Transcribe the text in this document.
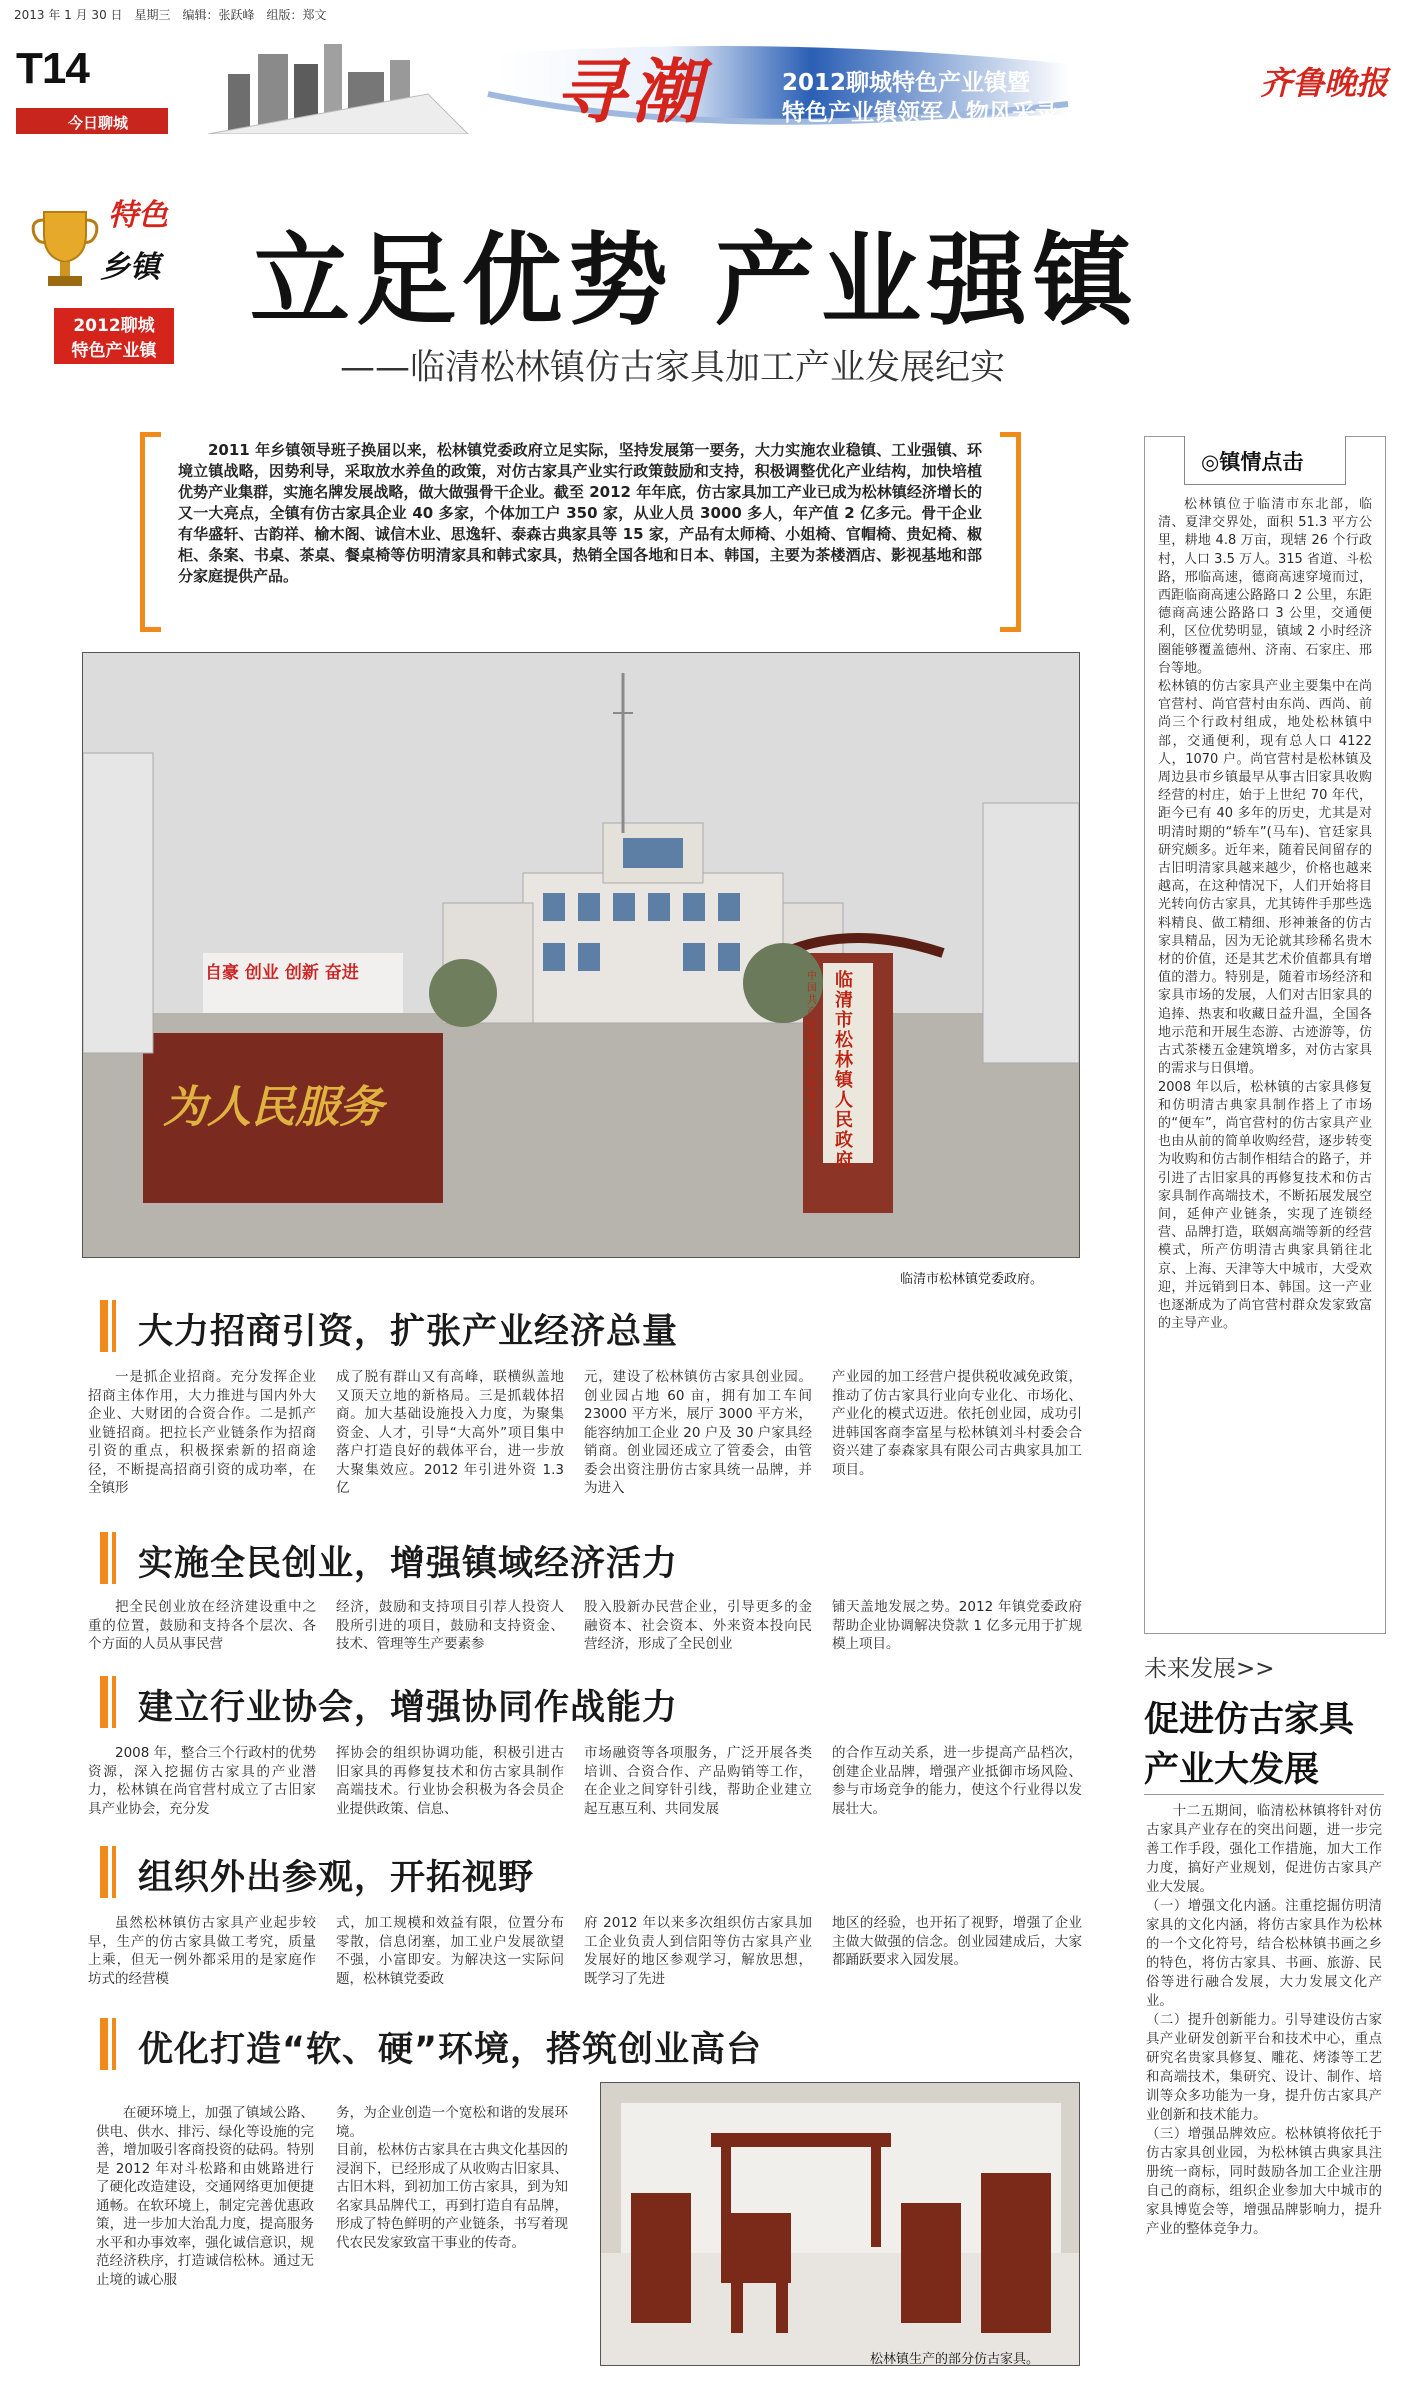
2013 年 1 月 30 日　星期三　编辑：张跃峰　组版：郑文
T14
今日聊城	寻潮	2012聊城特色产业镇暨
特色产业镇领军人物风采录
齐鲁晚报
特色
乡镇
2012聊城
特色产业镇
立足优势 产业强镇
——临清松林镇仿古家具加工产业发展纪实
2011 年乡镇领导班子换届以来，松林镇党委政府立足实际，坚持发展第一要务，大力实施农业稳镇、工业强镇、环境立镇战略，因势利导，采取放水养鱼的政策，对仿古家具产业实行政策鼓励和支持，积极调整优化产业结构，加快培植优势产业集群，实施名牌发展战略，做大做强骨干企业。截至 2012 年年底，仿古家具加工产业已成为松林镇经济增长的又一大亮点，全镇有仿古家具企业 40 多家，个体加工户 350 家，从业人员 3000 多人，年产值 2 亿多元。骨干企业有华盛轩、古韵祥、榆木阁、诚信木业、思逸轩、泰森古典家具等 15 家，产品有太师椅、小姐椅、官帽椅、贵妃椅、椒柜、条案、书桌、茶桌、餐桌椅等仿明清家具和韩式家具，热销全国各地和日本、韩国，主要为茶楼酒店、影视基地和部分家庭提供产品。
自豪 创业 创新 奋进
为人民服务
临清市松林镇人民政府
中国共产党临清市松林镇委员会
临清市松林镇党委政府。
大力招商引资，扩张产业经济总量

一是抓企业招商。充分发挥企业招商主体作用，大力推进与国内外大企业、大财团的合资合作。二是抓产业链招商。把拉长产业链条作为招商引资的重点，积极探索新的招商途径，不断提高招商引资的成功率，在全镇形

成了脱有群山又有高峰，联横纵盖地又顶天立地的新格局。三是抓载体招商。加大基础设施投入力度，为聚集资金、人才，引导“大高外”项目集中落户打造良好的载体平台，进一步放大聚集效应。2012 年引进外资 1.3 亿

元，建设了松林镇仿古家具创业园。创业园占地 60 亩，拥有加工车间 23000 平方米，展厅 3000 平方米，能容纳加工企业 20 户及 30 户家具经销商。创业园还成立了管委会，由管委会出资注册仿古家具统一品牌，并为进入

产业园的加工经营户提供税收减免政策，推动了仿古家具行业向专业化、市场化、产业化的模式迈进。依托创业园，成功引进韩国客商李富星与松林镇刘斗村委会合资兴建了泰森家具有限公司古典家具加工项目。

实施全民创业，增强镇域经济活力

把全民创业放在经济建设重中之重的位置，鼓励和支持各个层次、各个方面的人员从事民营

经济，鼓励和支持项目引荐人投资人股所引进的项目，鼓励和支持资金、技术、管理等生产要素参

股入股新办民营企业，引导更多的金融资本、社会资本、外来资本投向民营经济，形成了全民创业

铺天盖地发展之势。2012 年镇党委政府帮助企业协调解决贷款 1 亿多元用于扩规模上项目。

建立行业协会，增强协同作战能力

2008 年，整合三个行政村的优势资源，深入挖掘仿古家具的产业潜力，松林镇在尚官营村成立了古旧家具产业协会，充分发

挥协会的组织协调功能，积极引进古旧家具的再修复技术和仿古家具制作高端技术。行业协会积极为各会员企业提供政策、信息、

市场融资等各项服务，广泛开展各类培训、合资合作、产品购销等工作，在企业之间穿针引线，帮助企业建立起互惠互利、共同发展

的合作互动关系，进一步提高产品档次，创建企业品牌，增强产业抵御市场风险、参与市场竞争的能力，使这个行业得以发展壮大。

组织外出参观，开拓视野

虽然松林镇仿古家具产业起步较早，生产的仿古家具做工考究，质量上乘，但无一例外都采用的是家庭作坊式的经营模

式，加工规模和效益有限，位置分布零散，信息闭塞，加工业户发展欲望不强，小富即安。为解决这一实际问题，松林镇党委政

府 2012 年以来多次组织仿古家具加工企业负责人到信阳等仿古家具产业发展好的地区参观学习，解放思想，既学习了先进

地区的经验，也开拓了视野，增强了企业主做大做强的信念。创业园建成后，大家都踊跃要求入园发展。

优化打造“软、硬”环境，搭筑创业高台

在硬环境上，加强了镇域公路、供电、供水、排污、绿化等设施的完善，增加吸引客商投资的砝码。特别是 2012 年对斗松路和由姚路进行了硬化改造建设，交通网络更加便捷通畅。在软环境上，制定完善优惠政策，进一步加大治乱力度，提高服务水平和办事效率，强化诚信意识，规范经济秩序，打造诚信松林。通过无止境的诚心服

务，为企业创造一个宽松和谐的发展环境。
目前，松林仿古家具在古典文化基因的浸润下，已经形成了从收购古旧家具、古旧木料，到初加工仿古家具，到为知名家具品牌代工，再到打造自有品牌，形成了特色鲜明的产业链条，书写着现代农民发家致富干事业的传奇。

松林镇生产的部分仿古家具。
◎镇情点击
松林镇位于临清市东北部，临清、夏津交界处，面积 51.3 平方公里，耕地 4.8 万亩，现辖 26 个行政村，人口 3.5 万人。315 省道、斗松路，邢临高速，德商高速穿境而过，西距临商高速公路路口 2 公里，东距德商高速公路路口 3 公里，交通便利，区位优势明显，镇域 2 小时经济圈能够覆盖德州、济南、石家庄、邢台等地。
松林镇的仿古家具产业主要集中在尚官营村、尚官营村由东尚、西尚、前尚三个行政村组成，地处松林镇中部，交通便利，现有总人口 4122 人，1070 户。尚官营村是松林镇及周边县市乡镇最早从事古旧家具收购经营的村庄，始于上世纪 70 年代，距今已有 40 多年的历史，尤其是对明清时期的“轿车”(马车)、官廷家具研究颇多。近年来，随着民间留存的古旧明清家具越来越少，价格也越来越高，在这种情况下，人们开始将目光转向仿古家具，尤其铸件手那些选料精良、做工精细、形神兼备的仿古家具精品，因为无论就其珍稀名贵木材的价值，还是其艺术价值都具有增值的潜力。特别是，随着市场经济和家具市场的发展，人们对古旧家具的追捧、热衷和收藏日益升温，全国各地示范和开展生态游、古迹游等，仿古式茶楼五金建筑增多，对仿古家具的需求与日俱增。
2008 年以后，松林镇的古家具修复和仿明清古典家具制作搭上了市场的“便车”，尚官营村的仿古家具产业也由从前的简单收购经营，逐步转变为收购和仿古制作相结合的路子，并引进了古旧家具的再修复技术和仿古家具制作高端技术，不断拓展发展空间，延伸产业链条，实现了连锁经营、品牌打造，联姻高端等新的经营模式，所产仿明清古典家具销往北京、上海、天津等大中城市，大受欢迎，并远销到日本、韩国。这一产业也逐渐成为了尚官营村群众发家致富的主导产业。
未来发展>>
促进仿古家具
产业大发展
十二五期间，临清松林镇将针对仿古家具产业存在的突出问题，进一步完善工作手段，强化工作措施，加大工作力度，搞好产业规划，促进仿古家具产业大发展。
（一）增强文化内涵。注重挖掘仿明清家具的文化内涵，将仿古家具作为松林的一个文化符号，结合松林镇书画之乡的特色，将仿古家具、书画、旅游、民俗等进行融合发展，大力发展文化产业。
（二）提升创新能力。引导建设仿古家具产业研发创新平台和技术中心，重点研究名贵家具修复、雕花、烤漆等工艺和高端技术，集研究、设计、制作、培训等众多功能为一身，提升仿古家具产业创新和技术能力。
（三）增强品牌效应。松林镇将依托于仿古家具创业园，为松林镇古典家具注册统一商标，同时鼓励各加工企业注册自己的商标，组织企业参加大中城市的家具博览会等，增强品牌影响力，提升产业的整体竞争力。
